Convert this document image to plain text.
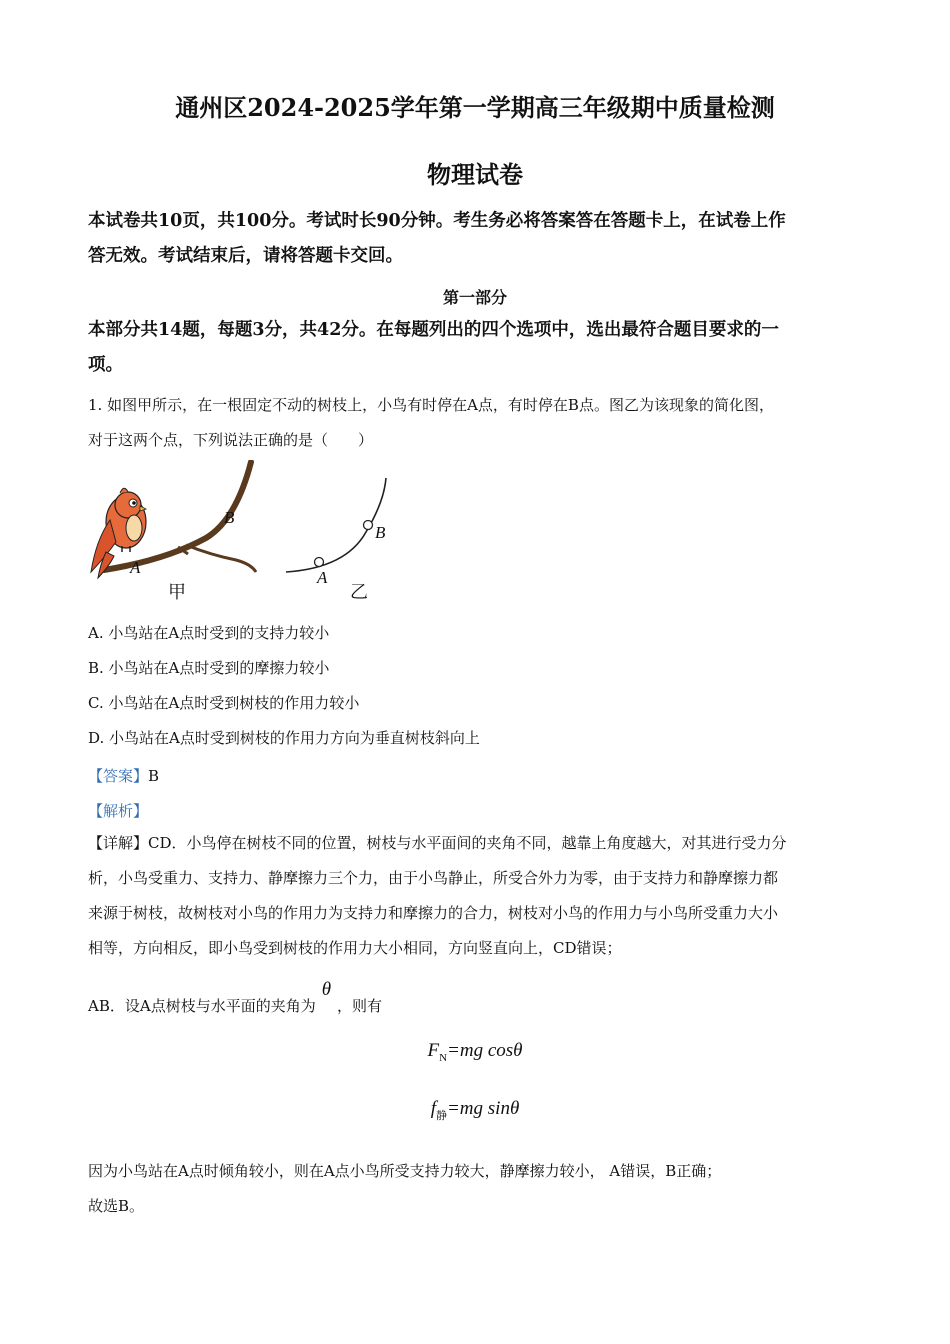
通州区2024-2025学年第一学期高三年级期中质量检测
物理试卷
本试卷共10页，共100分。考试时长90分钟。考生务必将答案答在答题卡上，在试卷上作
答无效。考试结束后，请将答题卡交回。
第一部分
本部分共14题，每题3分，共42分。在每题列出的四个选项中，选出最符合题目要求的一
项。
1. 如图甲所示，在一根固定不动的树枝上，小鸟有时停在A点，有时停在B点。图乙为该现象的简化图，
对于这两个点，下列说法正确的是（　　）
B
A
甲
B
A
乙
A. 小鸟站在A点时受到的支持力较小
B. 小鸟站在A点时受到的摩擦力较小
C. 小鸟站在A点时受到树枝的作用力较小
D. 小鸟站在A点时受到树枝的作用力方向为垂直树枝斜向上
【答案】B
【解析】
【详解】CD．小鸟停在树枝不同的位置，树枝与水平面间的夹角不同，越靠上角度越大，对其进行受力分
析，小鸟受重力、支持力、静摩擦力三个力，由于小鸟静止，所受合外力为零，由于支持力和静摩擦力都
来源于树枝，故树枝对小鸟的作用力为支持力和摩擦力的合力，树枝对小鸟的作用力与小鸟所受重力大小
相等，方向相反，即小鸟受到树枝的作用力大小相同，方向竖直向上，CD错误；
AB．设A点树枝与水平面的夹角为θ，则有
$F_N=mg$ cosθ
$f_静=mg$ sinθ
因为小鸟站在A点时倾角较小，则在A点小鸟所受支持力较大，静摩擦力较小， A错误，B正确；
故选B。
